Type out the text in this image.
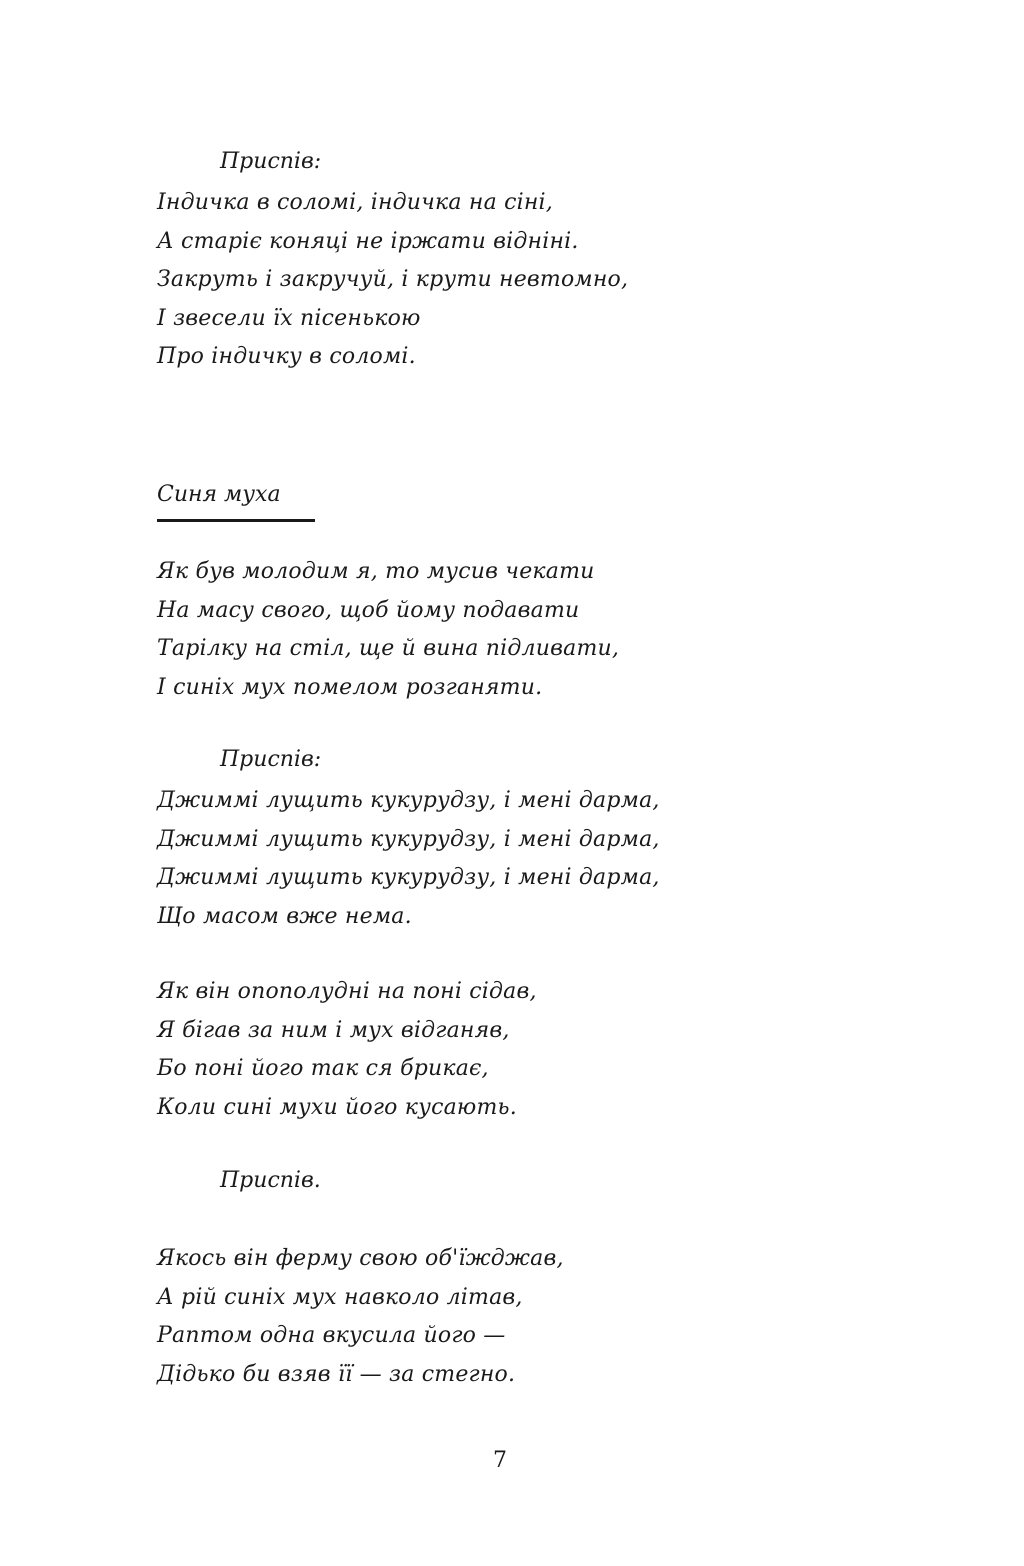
Приспів:
Індичка в соломі, індичка на сіні,
А старіє коняці не іржати відніні.
Закруть і закручуй, і крути невтомно,
І звесели їх пісенькою
Про індичку в соломі.
Синя муха
Як був молодим я, то мусив чекати
На масу свого, щоб йому подавати
Тарілку на стіл, ще й вина підливати,
І синіх мух помелом розганяти.
Приспів:
Джиммі лущить кукурудзу, і мені дарма,
Джиммі лущить кукурудзу, і мені дарма,
Джиммі лущить кукурудзу, і мені дарма,
Що масом вже нема.
Як він опополудні на поні сідав,
Я бігав за ним і мух відганяв,
Бо поні його так ся брикає,
Коли сині мухи його кусають.
Приспів.
Якось він ферму свою об'їжджав,
А рій синіх мух навколо літав,
Раптом одна вкусила його —
Дідько би взяв її — за стегно.
7
